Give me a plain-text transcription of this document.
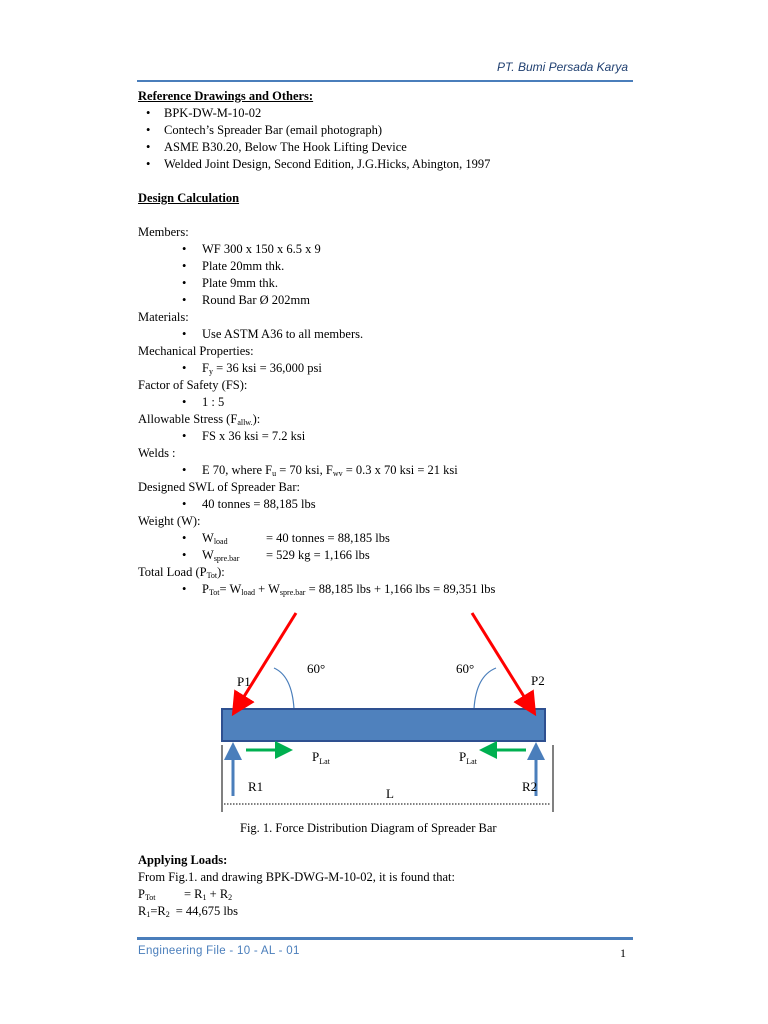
PT. Bumi Persada Karya
Reference Drawings and Others:
• BPK-DW-M-10-02
• Contech’s Spreader Bar (email photograph)
• ASME B30.20, Below The Hook Lifting Device
• Welded Joint Design, Second Edition, J.G.Hicks, Abington, 1997
Design Calculation
Members:
• WF 300 x 150 x 6.5 x 9
• Plate 20mm thk.
• Plate 9mm thk.
• Round Bar Ø 202mm
Materials:
• Use ASTM A36 to all members.
Mechanical Properties:
• $F_y = 36$ ksi = 36,000 psi
Factor of Safety (FS):
• 1 : 5
Allowable Stress $(F_{allw.})$:
• FS x 36 ksi = 7.2 ksi
Welds :
• E 70, where $F_u = 70$ ksi, $F_{wv} = 0.3$ x 70 ksi = 21 ksi
Designed SWL of Spreader Bar:
• 40 tonnes = 88,185 lbs
Weight (W):
• $W_{load}$	= 40 tonnes = 88,185 lbs
• $W_{spre.bar} = 529$ kg = 1,166 lbs
Total Load $(P_{Tot})$:
• $P_{Tot}= W_{load} + W_{spre.bar} = 88,185$ lbs + 1,166 lbs = 89,351 lbs
P1	P2
60°	60°
$P_{Lat}$	$P_{Lat}$
R1	R2
L
Fig. 1. Force Distribution Diagram of Spreader Bar
Applying Loads:
From Fig.1. and drawing BPK-DWG-M-10-02, it is found that:
$P_{Tot} = R_1 + R_2$
$R_1=R_2 = 44,675$ lbs
Engineering File - 10 - AL - 01	1
